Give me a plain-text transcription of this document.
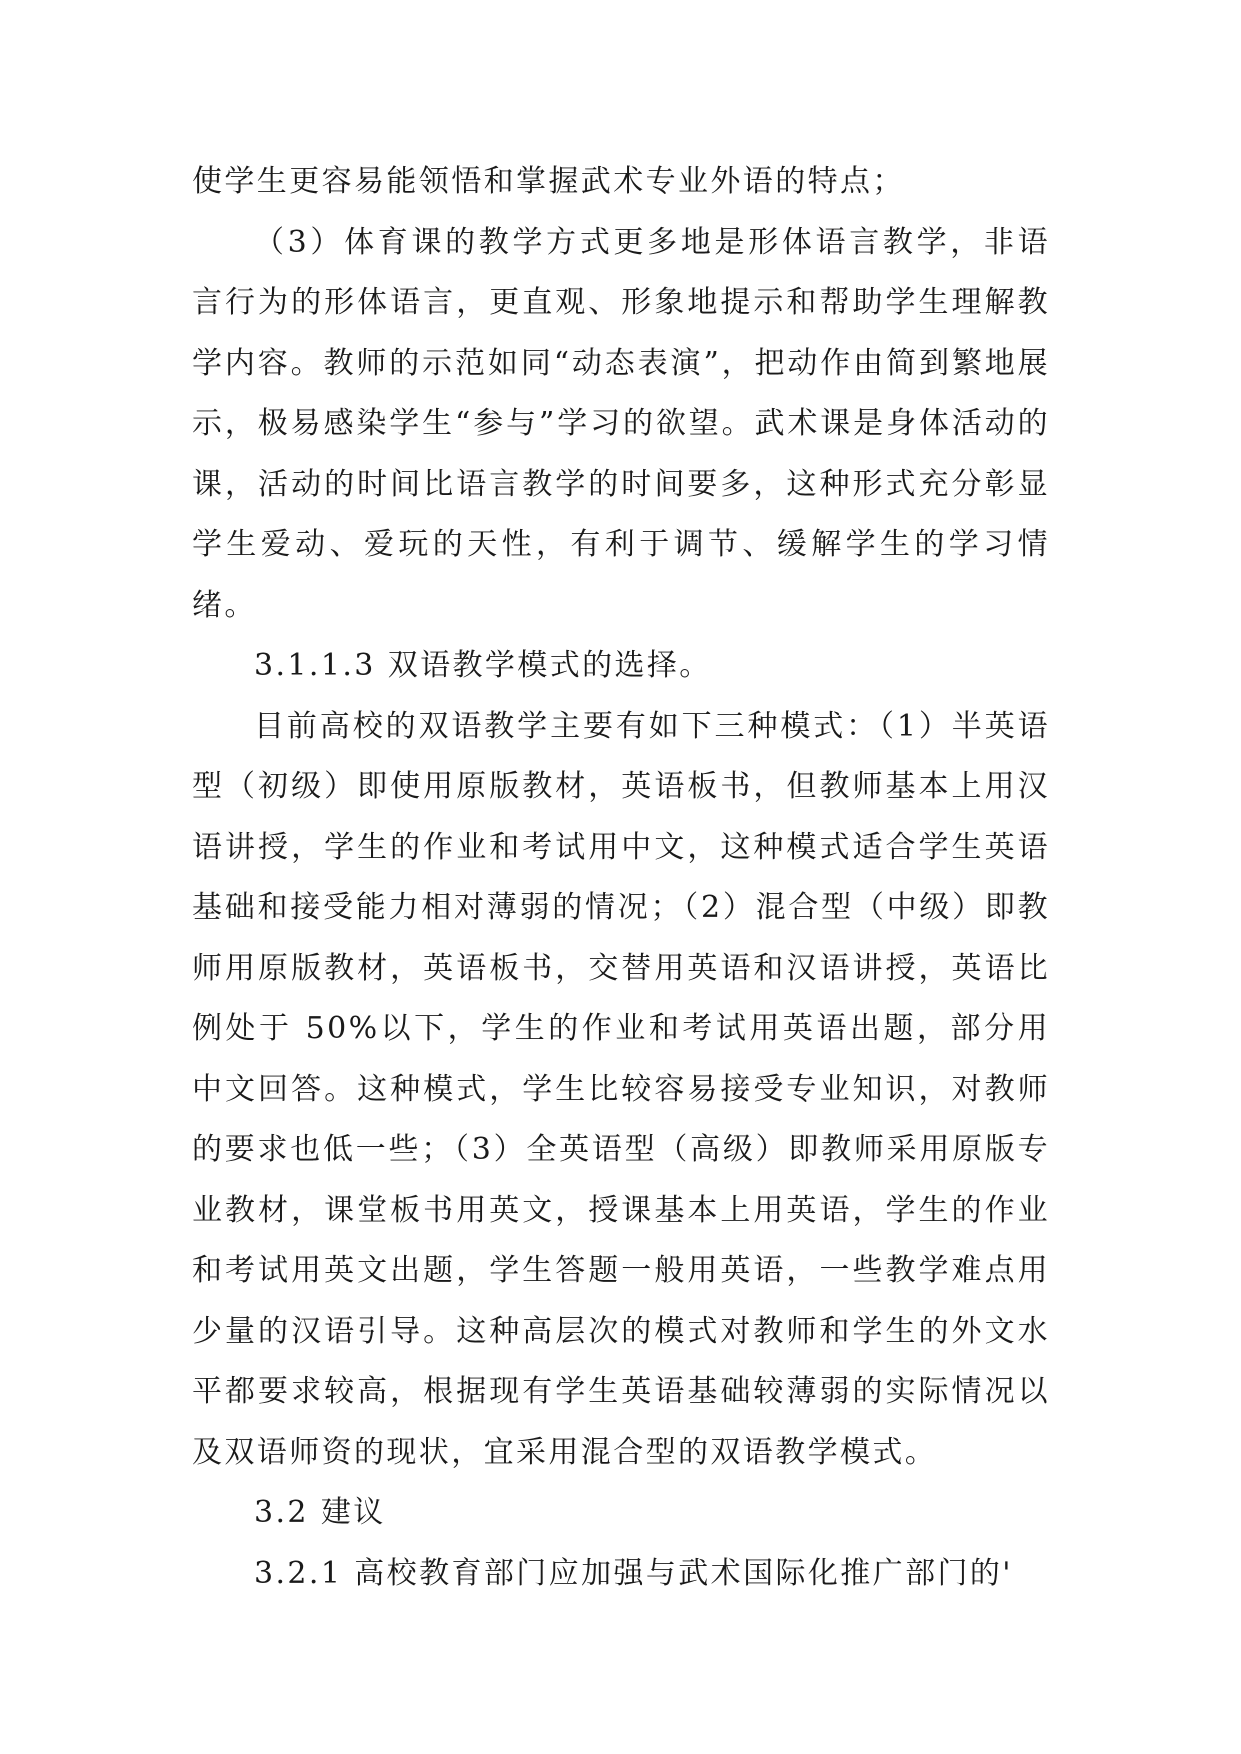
使学生更容易能领悟和掌握武术专业外语的特点；

（3）体育课的教学方式更多地是形体语言教学，非语言行为的形体语言，更直观、形象地提示和帮助学生理解教学内容。教师的示范如同“动态表演”，把动作由简到繁地展示，极易感染学生“参与”学习的欲望。武术课是身体活动的课，活动的时间比语言教学的时间要多，这种形式充分彰显学生爱动、爱玩的天性，有利于调节、缓解学生的学习情绪。

3.1.1.3 双语教学模式的选择。

目前高校的双语教学主要有如下三种模式：（1）半英语型（初级）即使用原版教材，英语板书，但教师基本上用汉语讲授，学生的作业和考试用中文，这种模式适合学生英语基础和接受能力相对薄弱的情况；（2）混合型（中级）即教师用原版教材，英语板书，交替用英语和汉语讲授，英语比例处于 50%以下，学生的作业和考试用英语出题，部分用中文回答。这种模式，学生比较容易接受专业知识，对教师的要求也低一些；（3）全英语型（高级）即教师采用原版专业教材，课堂板书用英文，授课基本上用英语，学生的作业和考试用英文出题，学生答题一般用英语，一些教学难点用少量的汉语引导。这种高层次的模式对教师和学生的外文水平都要求较高，根据现有学生英语基础较薄弱的实际情况以及双语师资的现状，宜采用混合型的双语教学模式。

3.2 建议

3.2.1 高校教育部门应加强与武术国际化推广部门的'
